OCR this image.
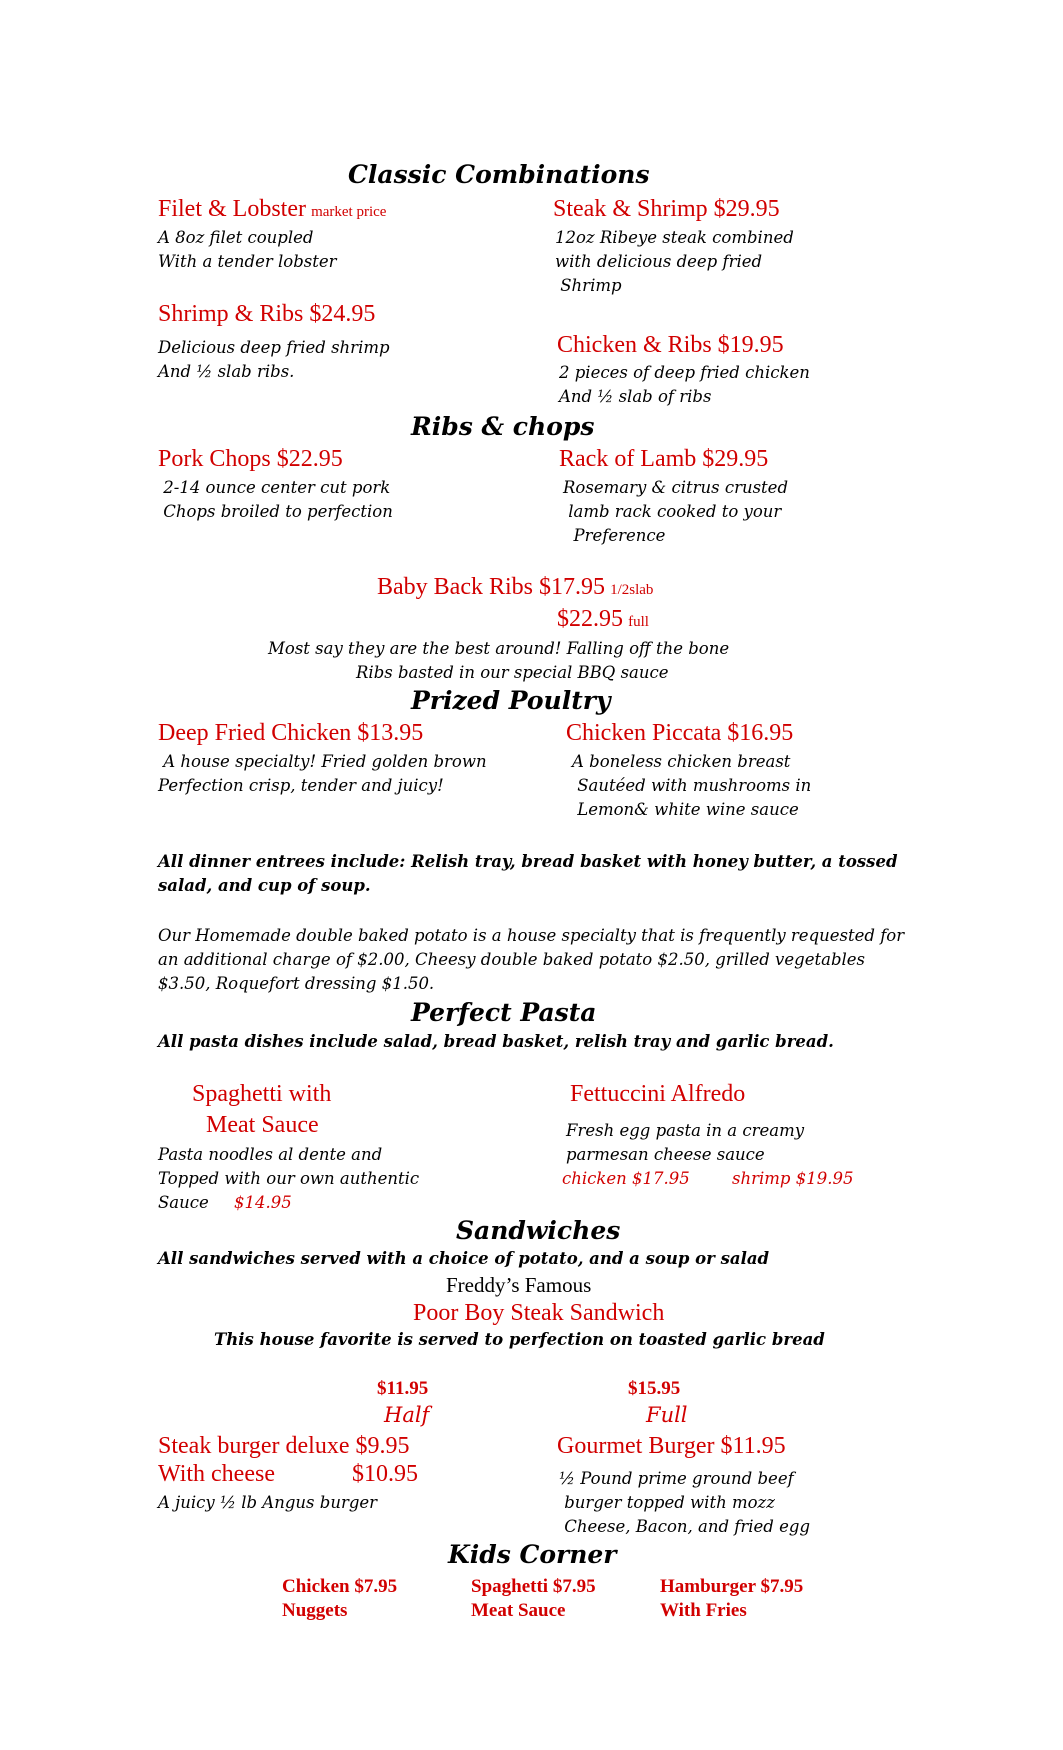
Classic Combinations
Filet & Lobster market price
A 8oz filet coupled
With a tender lobster
Steak & Shrimp $29.95
12oz Ribeye steak combined
with delicious deep fried
Shrimp
Shrimp & Ribs $24.95
Delicious deep fried shrimp
And ½ slab ribs.
Chicken & Ribs $19.95
2 pieces of deep fried chicken
And ½ slab of ribs
Ribs & chops
Pork Chops $22.95
2-14 ounce center cut pork
Chops broiled to perfection
Rack of Lamb $29.95
Rosemary & citrus crusted
lamb rack cooked to your
Preference
Baby Back Ribs $17.95 1/2slab
$22.95 full
Most say they are the best around! Falling off the bone
Ribs basted in our special BBQ sauce
Prized Poultry
Deep Fried Chicken $13.95
A house specialty! Fried golden brown
Perfection crisp, tender and juicy!
Chicken Piccata $16.95
A boneless chicken breast
Sautéed with mushrooms in
Lemon& white wine sauce
All dinner entrees include: Relish tray, bread basket with honey butter, a tossed salad, and cup of soup.
Our Homemade double baked potato is a house specialty that is frequently requested for an additional charge of $2.00, Cheesy double baked potato $2.50, grilled vegetables $3.50, Roquefort dressing $1.50.
Perfect Pasta
All pasta dishes include salad, bread basket, relish tray and garlic bread.
Spaghetti with
Meat Sauce
Pasta noodles al dente and
Topped with our own authentic
Sauce	$14.95
Fettuccini Alfredo
Fresh egg pasta in a creamy
parmesan cheese sauce
chicken $17.95	shrimp $19.95
Sandwiches
All sandwiches served with a choice of potato, and a soup or salad
Freddy’s Famous
Poor Boy Steak Sandwich
This house favorite is served to perfection on toasted garlic bread
$11.95
Half
$15.95
Full
Steak burger deluxe $9.95
With cheese	$10.95
A juicy ½ lb Angus burger
Gourmet Burger $11.95
½ Pound prime ground beef
burger topped with mozz
Cheese, Bacon, and fried egg
Kids Corner
Chicken $7.95
Nuggets
Spaghetti $7.95
Meat Sauce
Hamburger $7.95
With Fries
